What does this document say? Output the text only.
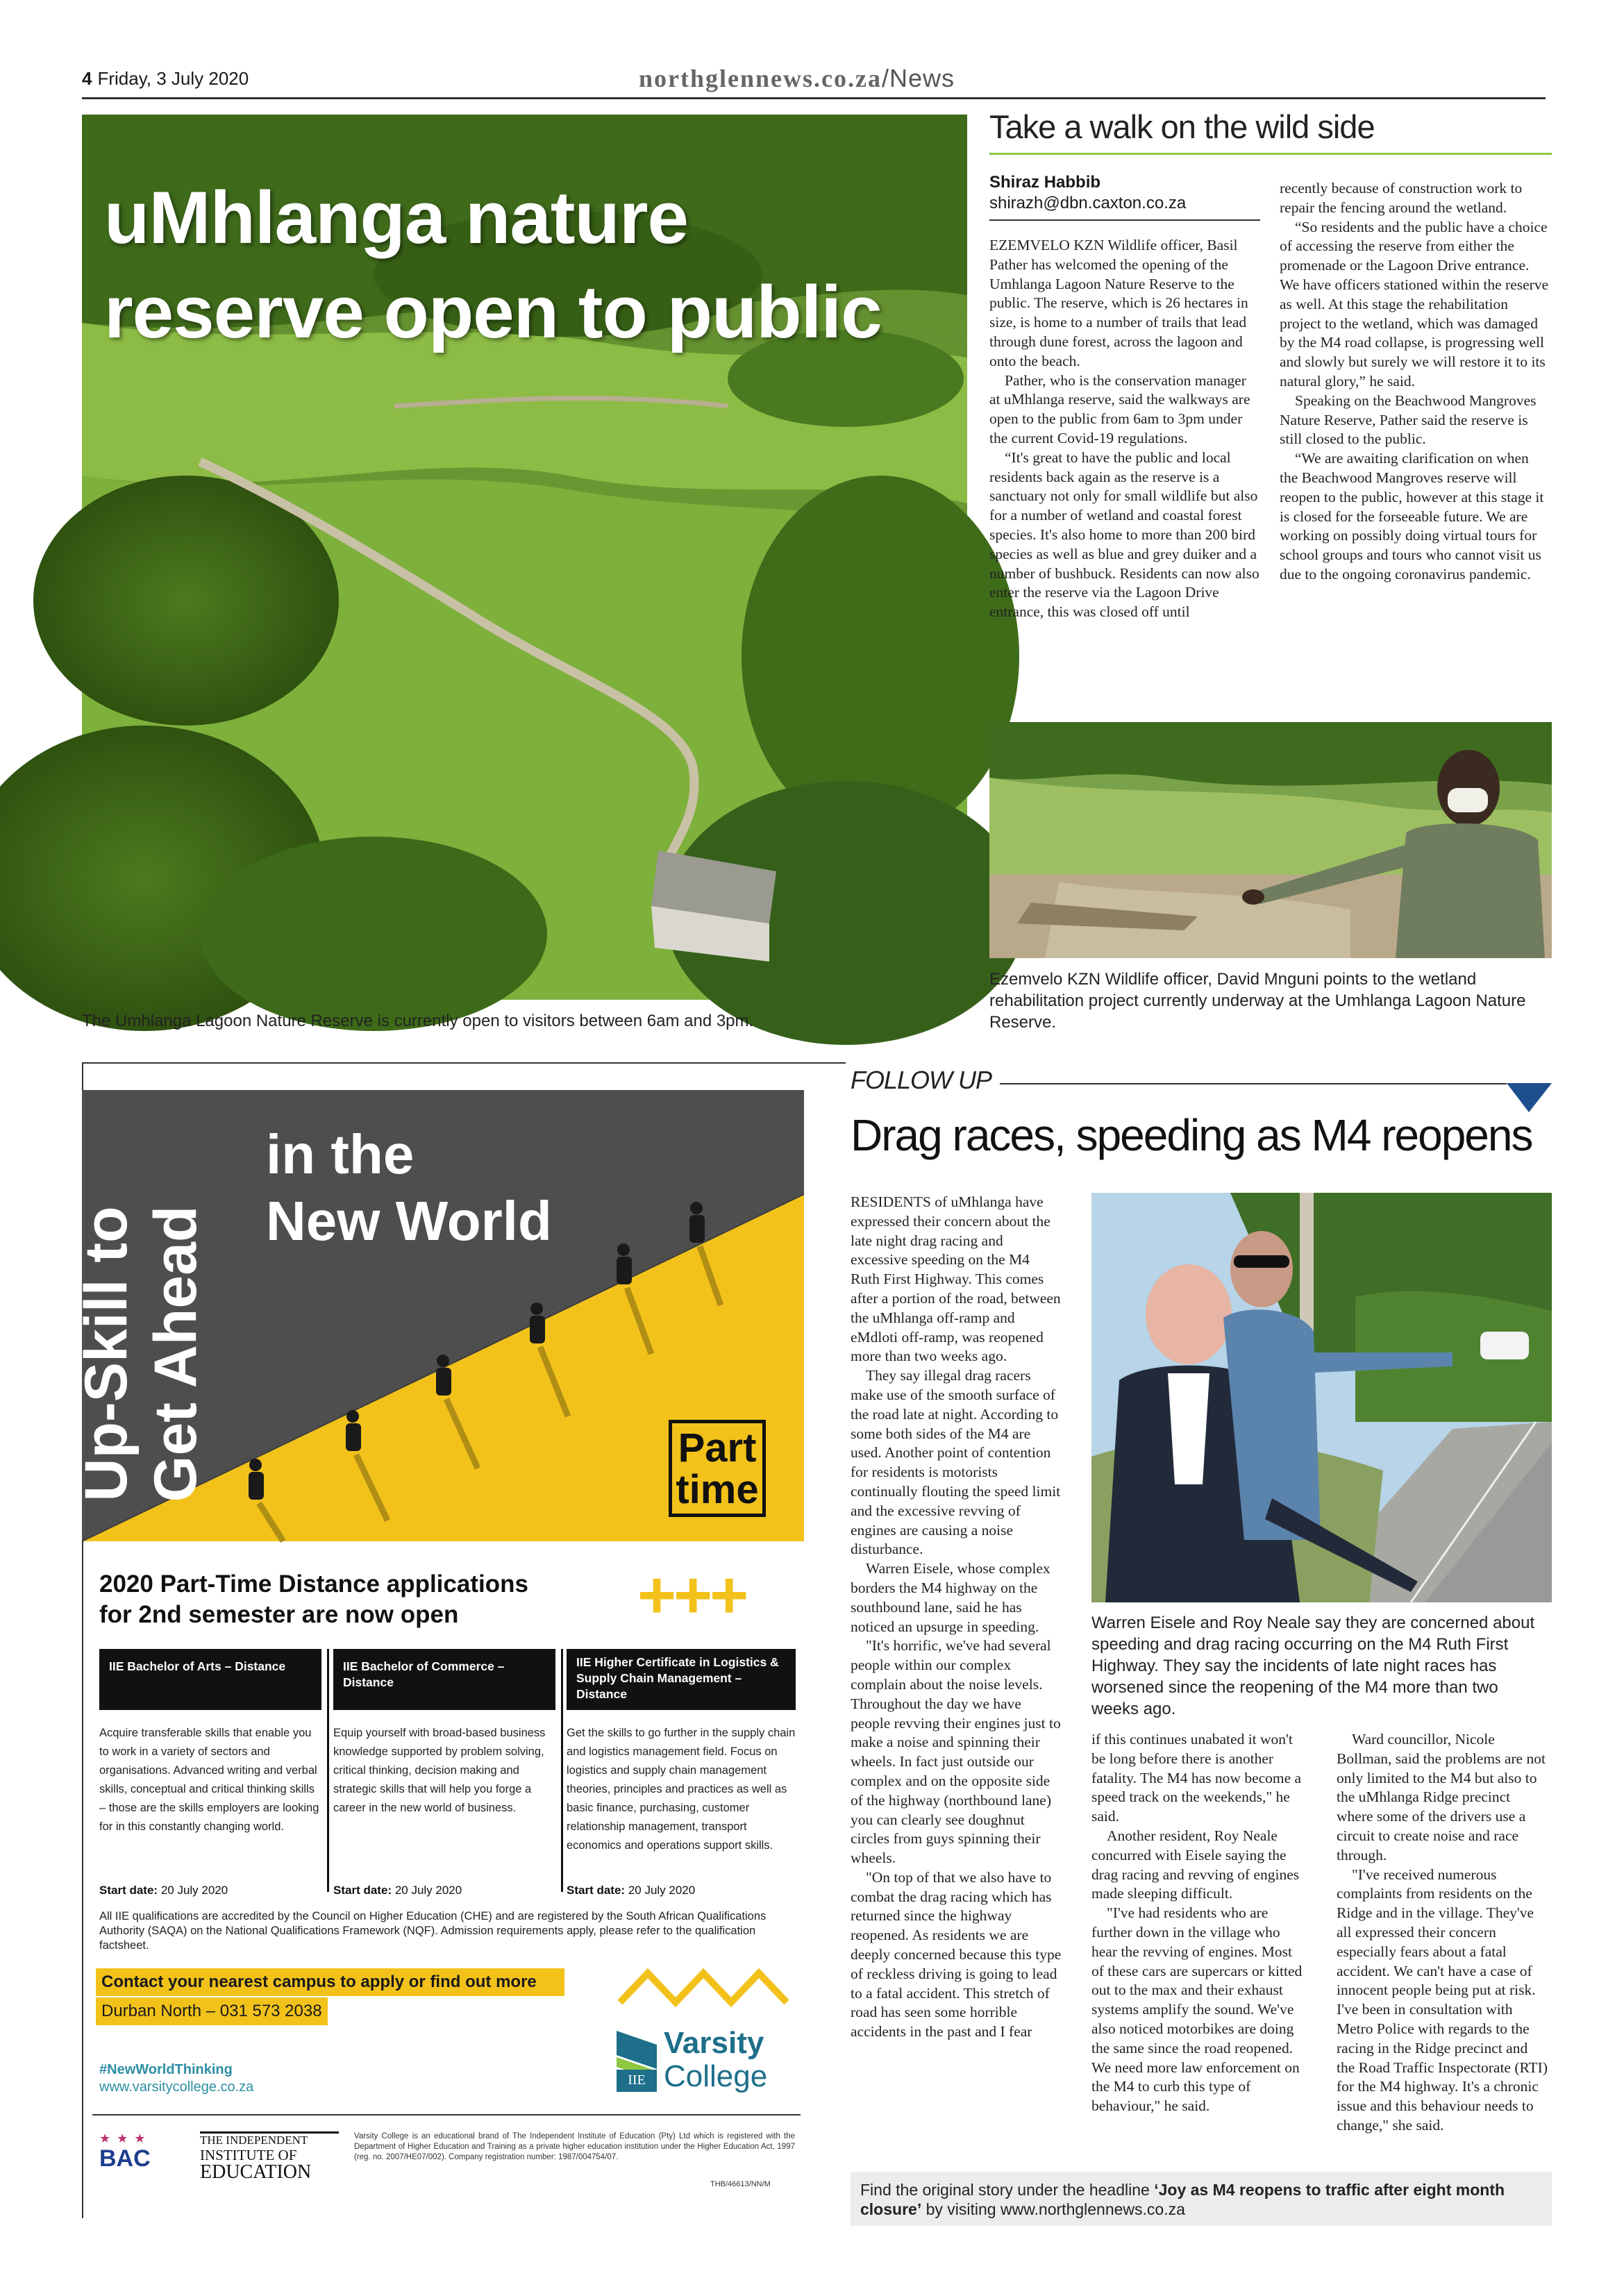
4 Friday, 3 July 2020	northglennews.co.za/News
uMhlanga nature
reserve open to public
The Umhlanga Lagoon Nature Reserve is currently open to visitors between 6am and 3pm.
Take a walk on the wild side
Shiraz Habbib
shirazh@dbn.caxton.co.za

EZEMVELO KZN Wildlife officer, Basil Pather has welcomed the opening of the Umhlanga Lagoon Nature Reserve to the public. The reserve, which is 26 hectares in size, is home to a number of trails that lead through dune forest, across the lagoon and onto the beach.

Pather, who is the conservation manager at uMhlanga reserve, said the walkways are open to the public from 6am to 3pm under the current Covid-19 regulations.

“It's great to have the public and local residents back again as the reserve is a sanctuary not only for small wildlife but also for a number of wetland and coastal forest species. It's also home to more than 200 bird species as well as blue and grey duiker and a number of bushbuck. Residents can now also enter the reserve via the Lagoon Drive entrance, this was closed off until

recently because of construction work to repair the fencing around the wetland.

“So residents and the public have a choice of accessing the reserve from either the promenade or the Lagoon Drive entrance. We have officers stationed within the reserve as well. At this stage the rehabilitation project to the wetland, which was damaged by the M4 road collapse, is progressing well and slowly but surely we will restore it to its natural glory,” he said.

Speaking on the Beachwood Mangroves Nature Reserve, Pather said the reserve is still closed to the public.

“We are awaiting clarification on when the Beachwood Mangroves reserve will reopen to the public, however at this stage it is closed for the forseeable future. We are working on possibly doing virtual tours for school groups and tours who cannot visit us due to the ongoing coronavirus pandemic.

Ezemvelo KZN Wildlife officer, David Mnguni points to the wetland rehabilitation project currently underway at the Umhlanga Lagoon Nature Reserve.
Up-Skill to Get Ahead
in the
New World
Part
time
2020 Part-Time Distance applications
for 2nd semester are now open	+++
IIE Bachelor of Arts – Distance
Acquire transferable skills that enable you to work in a variety of sectors and organisations. Advanced writing and verbal skills, conceptual and critical thinking skills – those are the skills employers are looking for in this constantly changing world.
Start date: 20 July 2020
IIE Bachelor of Commerce – Distance
Equip yourself with broad-based business knowledge supported by problem solving, critical thinking, decision making and strategic skills that will help you forge a career in the new world of business.
Start date: 20 July 2020
IIE Higher Certificate in Logistics & Supply Chain Management – Distance
Get the skills to go further in the supply chain and logistics management field. Focus on logistics and supply chain management theories, principles and practices as well as basic finance, purchasing, customer relationship management, transport economics and operations support skills.
Start date: 20 July 2020
All IIE qualifications are accredited by the Council on Higher Education (CHE) and are registered by the South African Qualifications Authority (SAQA) on the National Qualifications Framework (NQF). Admission requirements apply, please refer to the qualification factsheet.
Contact your nearest campus to apply or find out more
Durban North – 031 573 2038
#NewWorldThinking
www.varsitycollege.co.za	IIE
Varsity
College
★ ★ ★
BAC
THE INDEPENDENT
INSTITUTE OF
EDUCATION
Varsity College is an educational brand of The Independent Institute of Education (Pty) Ltd which is registered with the Department of Higher Education and Training as a private higher education institution under the Higher Education Act, 1997 (reg. no. 2007/HE07/002). Company registration number: 1987/004754/07.
THB/46613/NN/M
FOLLOW UP
Drag races, speeding as M4 reopens

RESIDENTS of uMhlanga have expressed their concern about the late night drag racing and excessive speeding on the M4 Ruth First Highway. This comes after a portion of the road, between the uMhlanga off-ramp and eMdloti off-ramp, was reopened more than two weeks ago.

They say illegal drag racers make use of the smooth surface of the road late at night. According to some both sides of the M4 are used. Another point of contention for residents is motorists continually flouting the speed limit and the excessive revving of engines are causing a noise disturbance.

Warren Eisele, whose complex borders the M4 highway on the southbound lane, said he has noticed an upsurge in speeding.

"It's horrific, we've had several people within our complex complain about the noise levels. Throughout the day we have people revving their engines just to make a noise and spinning their wheels. In fact just outside our complex and on the opposite side of the highway (northbound lane) you can clearly see doughnut circles from guys spinning their wheels.

"On top of that we also have to combat the drag racing which has returned since the highway reopened. As residents we are deeply concerned because this type of reckless driving is going to lead to a fatal accident. This stretch of road has seen some horrible accidents in the past and I fear

Warren Eisele and Roy Neale say they are concerned about speeding and drag racing occurring on the M4 Ruth First Highway. They say the incidents of late night races has worsened since the reopening of the M4 more than two weeks ago.

if this continues unabated it won't be long before there is another fatality. The M4 has now become a speed track on the weekends," he said.

Another resident, Roy Neale concurred with Eisele saying the drag racing and revving of engines made sleeping difficult.

"I've had residents who are further down in the village who hear the revving of engines. Most of these cars are supercars or kitted out to the max and their exhaust systems amplify the sound. We've also noticed motorbikes are doing the same since the road reopened. We need more law enforcement on the M4 to curb this type of behaviour," he said.

Ward councillor, Nicole Bollman, said the problems are not only limited to the M4 but also to the uMhlanga Ridge precinct where some of the drivers use a circuit to create noise and race through.

"I've received numerous complaints from residents on the Ridge and in the village. They've all expressed their concern especially fears about a fatal accident. We can't have a case of innocent people being put at risk. I've been in consultation with Metro Police with regards to the racing in the Ridge precinct and the Road Traffic Inspectorate (RTI) for the M4 highway. It's a chronic issue and this behaviour needs to change," she said.

Find the original story under the headline ‘Joy as M4 reopens to traffic after eight month closure’ by visiting www.northglennews.co.za
